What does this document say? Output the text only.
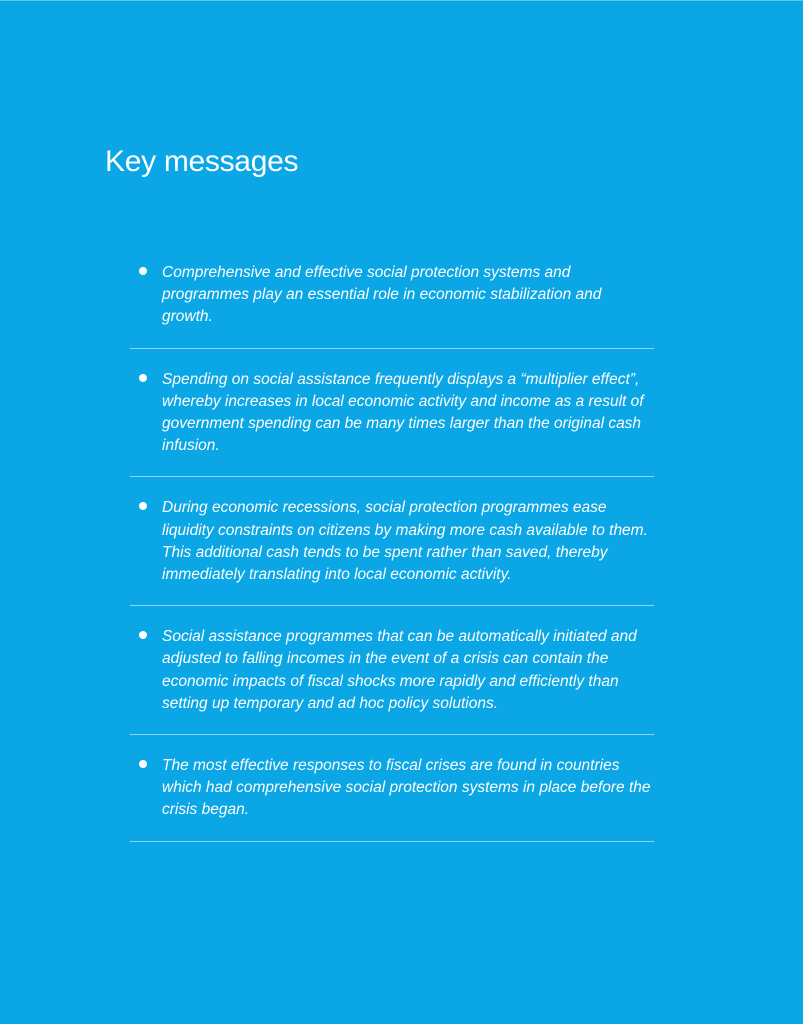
Key messages
Comprehensive and effective social protection systems and programmes play an essential role in economic stabilization and growth.
Spending on social assistance frequently displays a “multiplier effect”, whereby increases in local economic activity and income as a result of government spending can be many times larger than the original cash infusion.
During economic recessions, social protection programmes ease liquidity constraints on citizens by making more cash available to them. This additional cash tends to be spent rather than saved, thereby immediately translating into local economic activity.
Social assistance programmes that can be automatically initiated and adjusted to falling incomes in the event of a crisis can contain the economic impacts of fiscal shocks more rapidly and efficiently than setting up temporary and ad hoc policy solutions.
The most effective responses to fiscal crises are found in countries which had comprehensive social protection systems in place before the crisis began.
